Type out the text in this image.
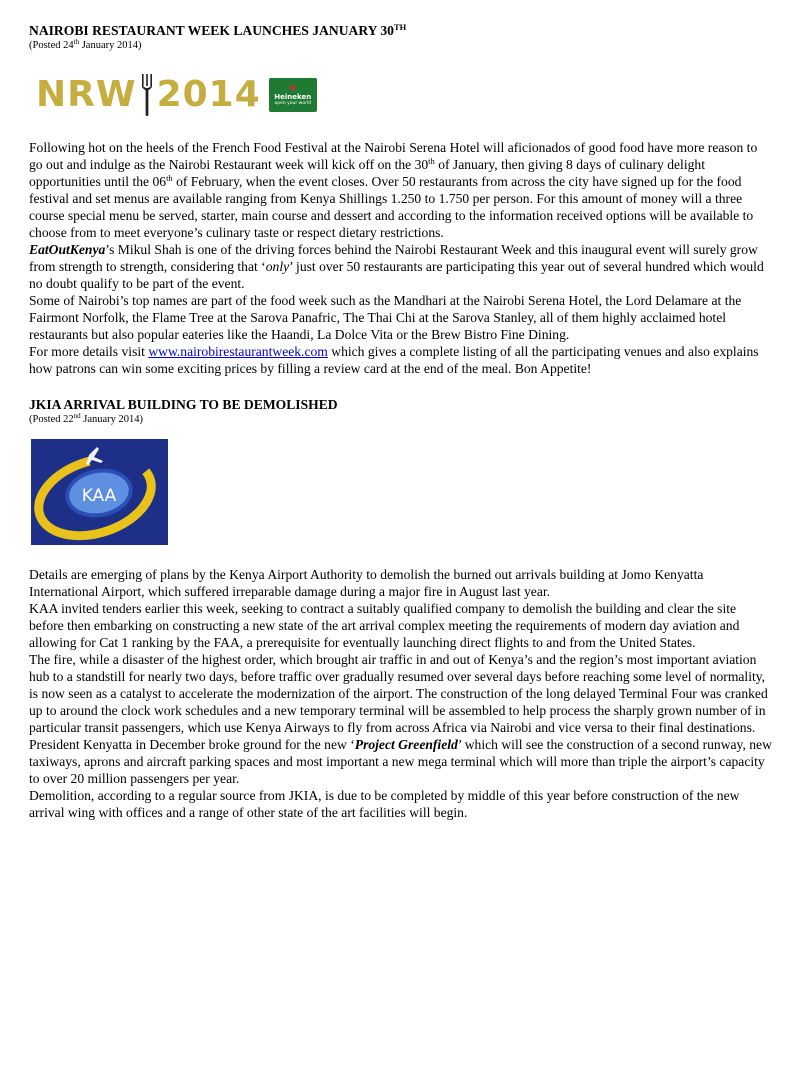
NAIROBI RESTAURANT WEEK LAUNCHES JANUARY 30TH
(Posted 24th January 2014)
NRW 2014	★
Heineken
open your world

Following hot on the heels of the French Food Festival at the Nairobi Serena Hotel will aficionados of good food have more reason to go out and indulge as the Nairobi Restaurant week will kick off on the 30th of January, then giving 8 days of culinary delight opportunities until the 06th of February, when the event closes. Over 50 restaurants from across the city have signed up for the food festival and set menus are available ranging from Kenya Shillings 1.250 to 1.750 per person. For this amount of money will a three course special menu be served, starter, main course and dessert and according to the information received options will be available to choose from to meet everyone’s culinary taste or respect dietary restrictions.

EatOutKenya’s Mikul Shah is one of the driving forces behind the Nairobi Restaurant Week and this inaugural event will surely grow from strength to strength, considering that ‘only’ just over 50 restaurants are participating this year out of several hundred which would no doubt qualify to be part of the event.

Some of Nairobi’s top names are part of the food week such as the Mandhari at the Nairobi Serena Hotel, the Lord Delamare at the Fairmont Norfolk, the Flame Tree at the Sarova Panafric, The Thai Chi at the Sarova Stanley, all of them highly acclaimed hotel restaurants but also popular eateries like the Haandi, La Dolce Vita or the Brew Bistro Fine Dining.

For more details visit www.nairobirestaurantweek.com which gives a complete listing of all the participating venues and also explains how patrons can win some exciting prices by filling a review card at the end of the meal. Bon Appetite!

JKIA ARRIVAL BUILDING TO BE DEMOLISHED
(Posted 22nd January 2014)
KAA

Details are emerging of plans by the Kenya Airport Authority to demolish the burned out arrivals building at Jomo Kenyatta International Airport, which suffered irreparable damage during a major fire in August last year.

KAA invited tenders earlier this week, seeking to contract a suitably qualified company to demolish the building and clear the site before then embarking on constructing a new state of the art arrival complex meeting the requirements of modern day aviation and allowing for Cat 1 ranking by the FAA, a prerequisite for eventually launching direct flights to and from the United States.

The fire, while a disaster of the highest order, which brought air traffic in and out of Kenya’s and the region’s most important aviation hub to a standstill for nearly two days, before traffic over gradually resumed over several days before reaching some level of normality, is now seen as a catalyst to accelerate the modernization of the airport. The construction of the long delayed Terminal Four was cranked up to around the clock work schedules and a new temporary terminal will be assembled to help process the sharply grown number of in particular transit passengers, which use Kenya Airways to fly from across Africa via Nairobi and vice versa to their final destinations. President Kenyatta in December broke ground for the new ‘Project Greenfield’ which will see the construction of a second runway, new taxiways, aprons and aircraft parking spaces and most important a new mega terminal which will more than triple the airport’s capacity to over 20 million passengers per year.

Demolition, according to a regular source from JKIA, is due to be completed by middle of this year before construction of the new arrival wing with offices and a range of other state of the art facilities will begin.
